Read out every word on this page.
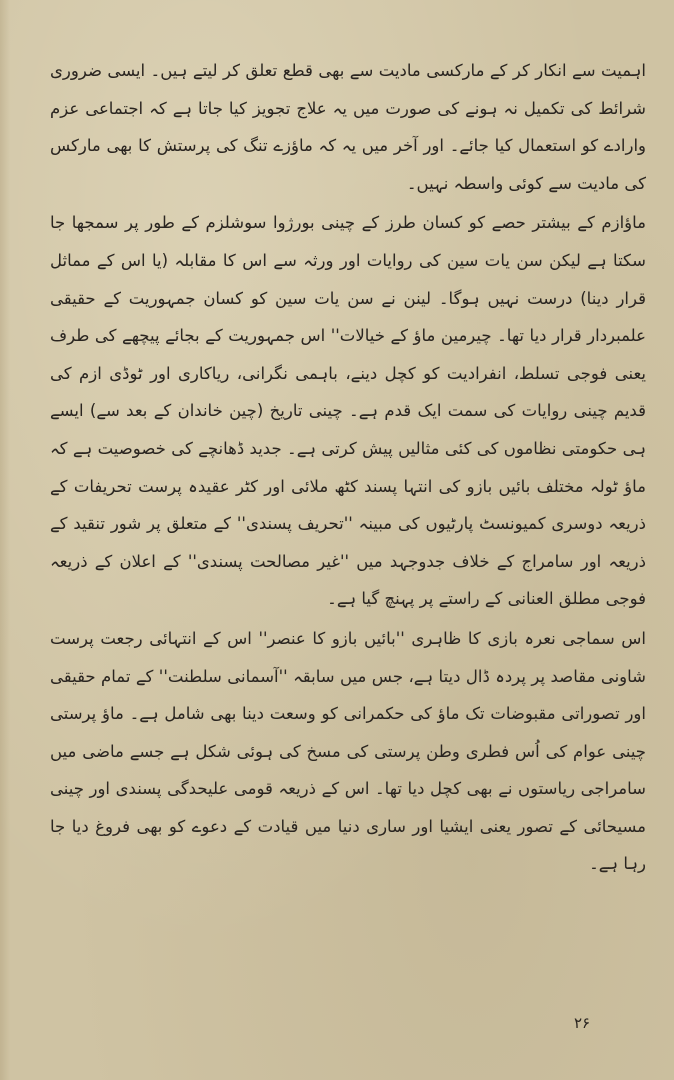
اہمیت سے انکار کر کے مارکسی مادیت سے بھی قطع تعلق کر لیتے ہیں۔ ایسی ضروری شرائط کی تکمیل نہ ہونے کی صورت میں یہ علاج تجویز کیا جاتا ہے کہ اجتماعی عزم وارادے کو استعمال کیا جائے۔ اور آخر میں یہ کہ ماؤزے تنگ کی پرستش کا بھی مارکس کی مادیت سے کوئی واسطہ نہیں۔

ماؤازم کے بیشتر حصے کو کسان طرز کے چینی بورژوا سوشلزم کے طور پر سمجھا جا سکتا ہے لیکن سن یات سین کی روایات اور ورثہ سے اس کا مقابلہ (یا اس کے مماثل قرار دینا) درست نہیں ہوگا۔ لینن نے سن یات سین کو کسان جمہوریت کے حقیقی علمبردار قرار دیا تھا۔ چیرمین ماؤ کے خیالات'' اس جمہوریت کے بجائے پیچھے کی طرف یعنی فوجی تسلط، انفرادیت کو کچل دینے، باہمی نگرانی، ریاکاری اور ٹوڈی ازم کی قدیم چینی روایات کی سمت ایک قدم ہے۔ چینی تاریخ (چین خاندان کے بعد سے) ایسے ہی حکومتی نظاموں کی کئی مثالیں پیش کرتی ہے۔ جدید ڈھانچے کی خصوصیت ہے کہ ماؤ ٹولہ مختلف بائیں بازو کی انتہا پسند کٹھ ملائی اور کٹر عقیدہ پرست تحریفات کے ذریعہ دوسری کمیونسٹ پارٹیوں کی مبینہ ''تحریف پسندی'' کے متعلق پر شور تنقید کے ذریعہ اور سامراج کے خلاف جدوجہد میں ''غیر مصالحت پسندی'' کے اعلان کے ذریعہ فوجی مطلق العنانی کے راستے پر پہنچ گیا ہے۔

اس سماجی نعرہ بازی کا ظاہری ''بائیں بازو کا عنصر'' اس کے انتہائی رجعت پرست شاونی مقاصد پر پردہ ڈال دیتا ہے، جس میں سابقہ ''آسمانی سلطنت'' کے تمام حقیقی اور تصوراتی مقبوضات تک ماؤ کی حکمرانی کو وسعت دینا بھی شامل ہے۔ ماؤ پرستی چینی عوام کی اُس فطری وطن پرستی کی مسخ کی ہوئی شکل ہے جسے ماضی میں سامراجی ریاستوں نے بھی کچل دیا تھا۔ اس کے ذریعہ قومی علیحدگی پسندی اور چینی مسیحائی کے تصور یعنی ایشیا اور ساری دنیا میں قیادت کے دعوے کو بھی فروغ دیا جا رہا ہے۔

۲۶
